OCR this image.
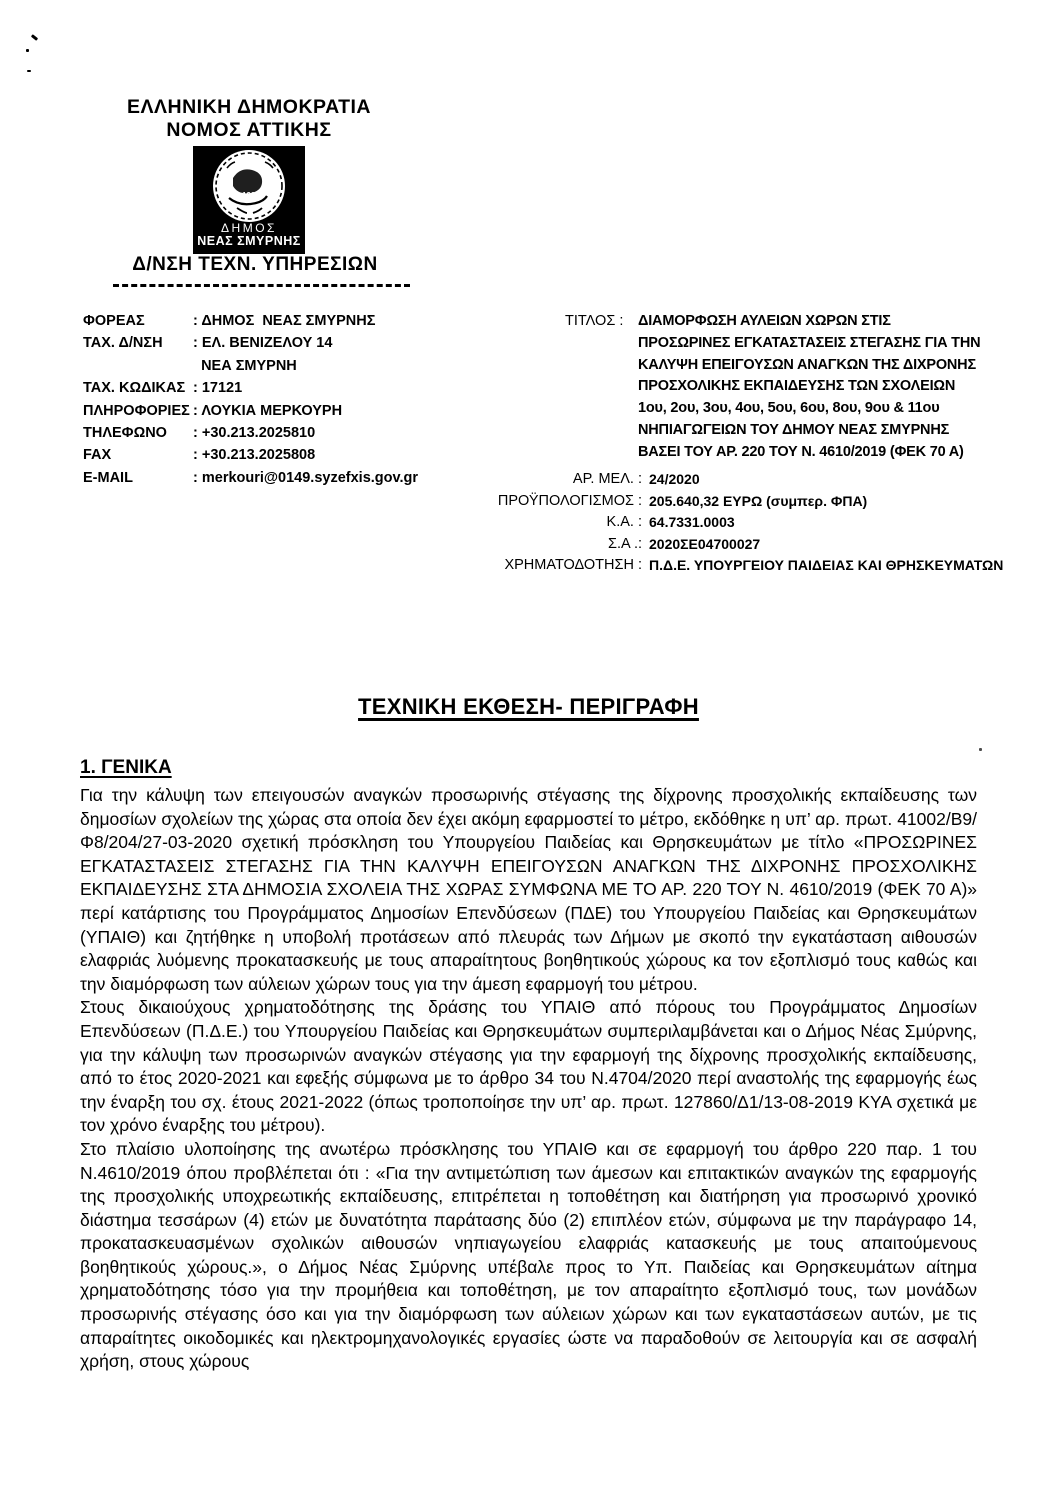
ΕΛΛΗΝΙΚΗ ΔΗΜΟΚΡΑΤΙΑ
ΝΟΜΟΣ ΑΤΤΙΚΗΣ
1922
ΔΗΜΟΣ
ΝΕΑΣ ΣΜΥΡΝΗΣ
Δ/ΝΣΗ ΤΕΧΝ. ΥΠΗΡΕΣΙΩΝ
ΦΟΡΕΑΣ	: ΔΗΜΟΣ  ΝΕΑΣ ΣΜΥΡΝΗΣ
ΤΑΧ. Δ/ΝΣΗ	: ΕΛ. ΒΕΝΙΖΕΛΟΥ 14
ΝΕΑ ΣΜΥΡΝΗ
ΤΑΧ. ΚΩΔΙΚΑΣ : 17121
ΠΛΗΡΟΦΟΡΙΕΣ : ΛΟΥΚΙΑ ΜΕΡΚΟΥΡΗ
ΤΗΛΕΦΩΝΟ	: +30.213.2025810
FAX	: +30.213.2025808
E-MAIL	: merkouri@0149.syzefxis.gov.gr
ΤΙΤΛΟΣ :	ΔΙΑΜΟΡΦΩΣΗ ΑΥΛΕΙΩΝ ΧΩΡΩΝ ΣΤΙΣ
ΠΡΟΣΩΡΙΝΕΣ ΕΓΚΑΤΑΣΤΑΣΕΙΣ ΣΤΕΓΑΣΗΣ ΓΙΑ ΤΗΝ
ΚΑΛΥΨΗ ΕΠΕΙΓΟΥΣΩΝ ΑΝΑΓΚΩΝ ΤΗΣ ΔΙΧΡΟΝΗΣ
ΠΡΟΣΧΟΛΙΚΗΣ ΕΚΠΑΙΔΕΥΣΗΣ ΤΩΝ ΣΧΟΛΕΙΩΝ
1ου, 2ου, 3ου, 4ου, 5ου, 6ου, 8ου, 9ου & 11ου
ΝΗΠΙΑΓΩΓΕΙΩΝ ΤΟΥ ΔΗΜΟΥ ΝΕΑΣ ΣΜΥΡΝΗΣ
ΒΑΣΕΙ ΤΟΥ ΑΡ. 220 ΤΟΥ Ν. 4610/2019 (ΦΕΚ 70 Α)
ΑΡ. ΜΕΛ. : 24/2020
ΠΡΟΫΠΟΛΟΓΙΣΜΟΣ : 205.640,32 ΕΥΡΩ (συμπερ. ΦΠΑ)
Κ.Α. : 64.7331.0003
Σ.Α .: 2020ΣΕ04700027
ΧΡΗΜΑΤΟΔΟΤΗΣΗ : Π.Δ.Ε. ΥΠΟΥΡΓΕΙΟΥ ΠΑΙΔΕΙΑΣ ΚΑΙ ΘΡΗΣΚΕΥΜΑΤΩΝ
ΤΕΧΝΙΚΗ ΕΚΘΕΣΗ- ΠΕΡΙΓΡΑΦΗ
1. ΓΕΝΙΚΑ

Για την κάλυψη των επειγουσών αναγκών προσωρινής στέγασης της δίχρονης προσχολικής εκπαίδευσης των δημοσίων σχολείων της χώρας στα οποία δεν έχει ακόμη εφαρμοστεί το μέτρο, εκδόθηκε η υπ’ αρ. πρωτ. 41002/Β9/Φ8/204/27-03-2020 σχετική πρόσκληση του Υπουργείου Παιδείας και Θρησκευμάτων με τίτλο «ΠΡΟΣΩΡΙΝΕΣ ΕΓΚΑΤΑΣΤΑΣΕΙΣ ΣΤΕΓΑΣΗΣ ΓΙΑ ΤΗΝ ΚΑΛΥΨΗ ΕΠΕΙΓΟΥΣΩΝ ΑΝΑΓΚΩΝ ΤΗΣ ΔΙΧΡΟΝΗΣ ΠΡΟΣΧΟΛΙΚΗΣ ΕΚΠΑΙΔΕΥΣΗΣ ΣΤΑ ΔΗΜΟΣΙΑ ΣΧΟΛΕΙΑ ΤΗΣ ΧΩΡΑΣ ΣΥΜΦΩΝΑ ΜΕ ΤΟ ΑΡ. 220 ΤΟΥ Ν. 4610/2019 (ΦΕΚ 70 Α)» περί κατάρτισης του Προγράμματος Δημοσίων Επενδύσεων (ΠΔΕ) του Υπουργείου Παιδείας και Θρησκευμάτων (ΥΠΑΙΘ) και ζητήθηκε η υποβολή προτάσεων από πλευράς των Δήμων με σκοπό την εγκατάσταση αιθουσών ελαφριάς λυόμενης προκατασκευής με τους απαραίτητους βοηθητικούς χώρους κα τον εξοπλισμό τους καθώς και την διαμόρφωση των αύλειων χώρων τους για την άμεση εφαρμογή του μέτρου.

Στους δικαιούχους χρηματοδότησης της δράσης του ΥΠΑΙΘ από πόρους του Προγράμματος Δημοσίων Επενδύσεων (Π.Δ.Ε.) του Υπουργείου Παιδείας και Θρησκευμάτων συμπεριλαμβάνεται και ο Δήμος Νέας Σμύρνης, για την κάλυψη των προσωρινών αναγκών στέγασης για την εφαρμογή της δίχρονης προσχολικής εκπαίδευσης, από το έτος 2020-2021 και εφεξής σύμφωνα με το άρθρο 34 του Ν.4704/2020 περί αναστολής της εφαρμογής έως την έναρξη του σχ. έτους 2021-2022 (όπως τροποποίησε την υπ’ αρ. πρωτ. 127860/Δ1/13-08-2019 ΚΥΑ σχετικά με τον χρόνο έναρξης του μέτρου).

Στο πλαίσιο υλοποίησης της ανωτέρω πρόσκλησης του ΥΠΑΙΘ και σε εφαρμογή του άρθρο 220 παρ. 1 του Ν.4610/2019 όπου προβλέπεται ότι : «Για την αντιμετώπιση των άμεσων και επιτακτικών αναγκών της εφαρμογής της προσχολικής υποχρεωτικής εκπαίδευσης, επιτρέπεται η τοποθέτηση και διατήρηση για προσωρινό χρονικό διάστημα τεσσάρων (4) ετών με δυνατότητα παράτασης δύο (2) επιπλέον ετών, σύμφωνα με την παράγραφο 14, προκατασκευασμένων σχολικών αιθουσών νηπιαγωγείου ελαφριάς κατασκευής με τους απαιτούμενους βοηθητικούς χώρους.», ο Δήμος Νέας Σμύρνης υπέβαλε προς το Υπ. Παιδείας και Θρησκευμάτων αίτημα χρηματοδότησης τόσο για την προμήθεια και τοποθέτηση, με τον απαραίτητο εξοπλισμό τους, των μονάδων προσωρινής στέγασης όσο και για την διαμόρφωση των αύλειων χώρων και των εγκαταστάσεων αυτών, με τις απαραίτητες οικοδομικές και ηλεκτρομηχανολογικές εργασίες ώστε να παραδοθούν σε λειτουργία και σε ασφαλή χρήση, στους χώρους
